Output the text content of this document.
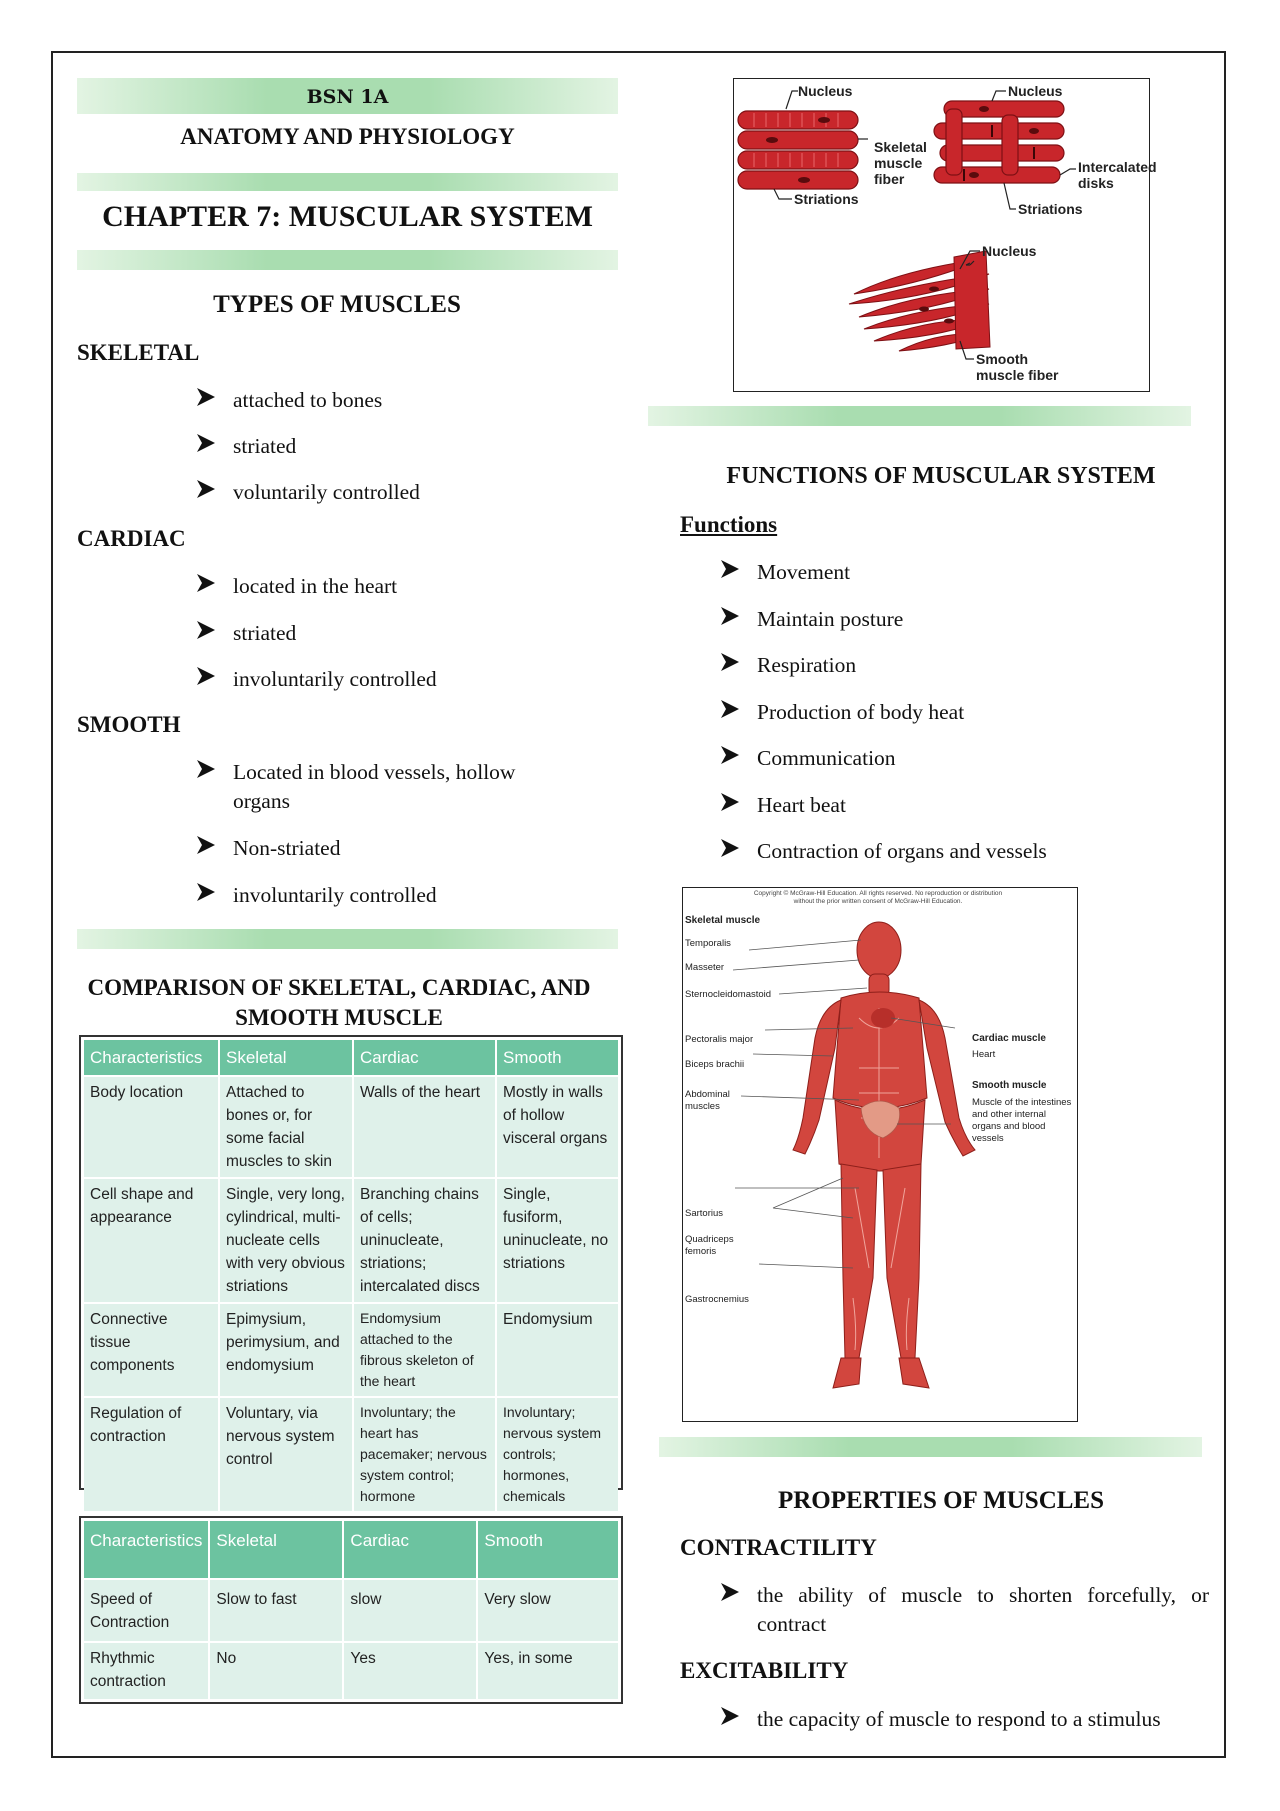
BSN 1A
ANATOMY AND PHYSIOLOGY
CHAPTER 7: MUSCULAR SYSTEM
TYPES OF MUSCLES
SKELETAL
attached to bones
striated
voluntarily controlled
CARDIAC
located in the heart
striated
involuntarily controlled
SMOOTH
Located in blood vessels, hollow organs
Non-striated
involuntarily controlled
COMPARISON OF SKELETAL, CARDIAC, AND
SMOOTH MUSCLE
Characteristics	Skeletal	Cardiac	Smooth
Body location	Attached to bones or, for some facial muscles to skin	Walls of the heart	Mostly in walls of hollow visceral organs
Cell shape and appearance	Single, very long, cylindrical, multi-nucleate cells with very obvious striations	Branching chains of cells; uninucleate, striations; intercalated discs	Single, fusiform, uninucleate, no striations
Connective tissue components	Epimysium, perimysium, and endomysium	Endomysium attached to the fibrous skeleton of the heart	Endomysium
Regulation of contraction	Voluntary, via nervous system control	Involuntary; the heart has pacemaker; nervous system control; hormone	Involuntary; nervous system controls; hormones, chemicals
Characteristics	Skeletal	Cardiac	Smooth
Speed of Contraction	Slow to fast	slow	Very slow
Rhythmic contraction	No	Yes	Yes, in some
Nucleus
Striations
Skeletal muscle fiber
Nucleus
Intercalated disks
Striations
Nucleus
Smooth muscle fiber
FUNCTIONS OF MUSCULAR SYSTEM
Functions
Movement
Maintain posture
Respiration
Production of body heat
Communication
Heart beat
Contraction of organs and vessels
Copyright © McGraw-Hill Education. All rights reserved. No reproduction or distribution without the prior written consent of McGraw-Hill Education.
Skeletal muscle
Temporalis
Masseter
Sternocleidomastoid
Pectoralis major
Biceps brachii
Abdominal muscles
Sartorius
Quadriceps femoris
Gastrocnemius
Cardiac muscle
Heart
Smooth muscle
Muscle of the intestines and other internal organs and blood vessels
PROPERTIES OF MUSCLES
CONTRACTILITY
the ability of muscle to shorten forcefully, or contract
EXCITABILITY
the capacity of muscle to respond to a stimulus
